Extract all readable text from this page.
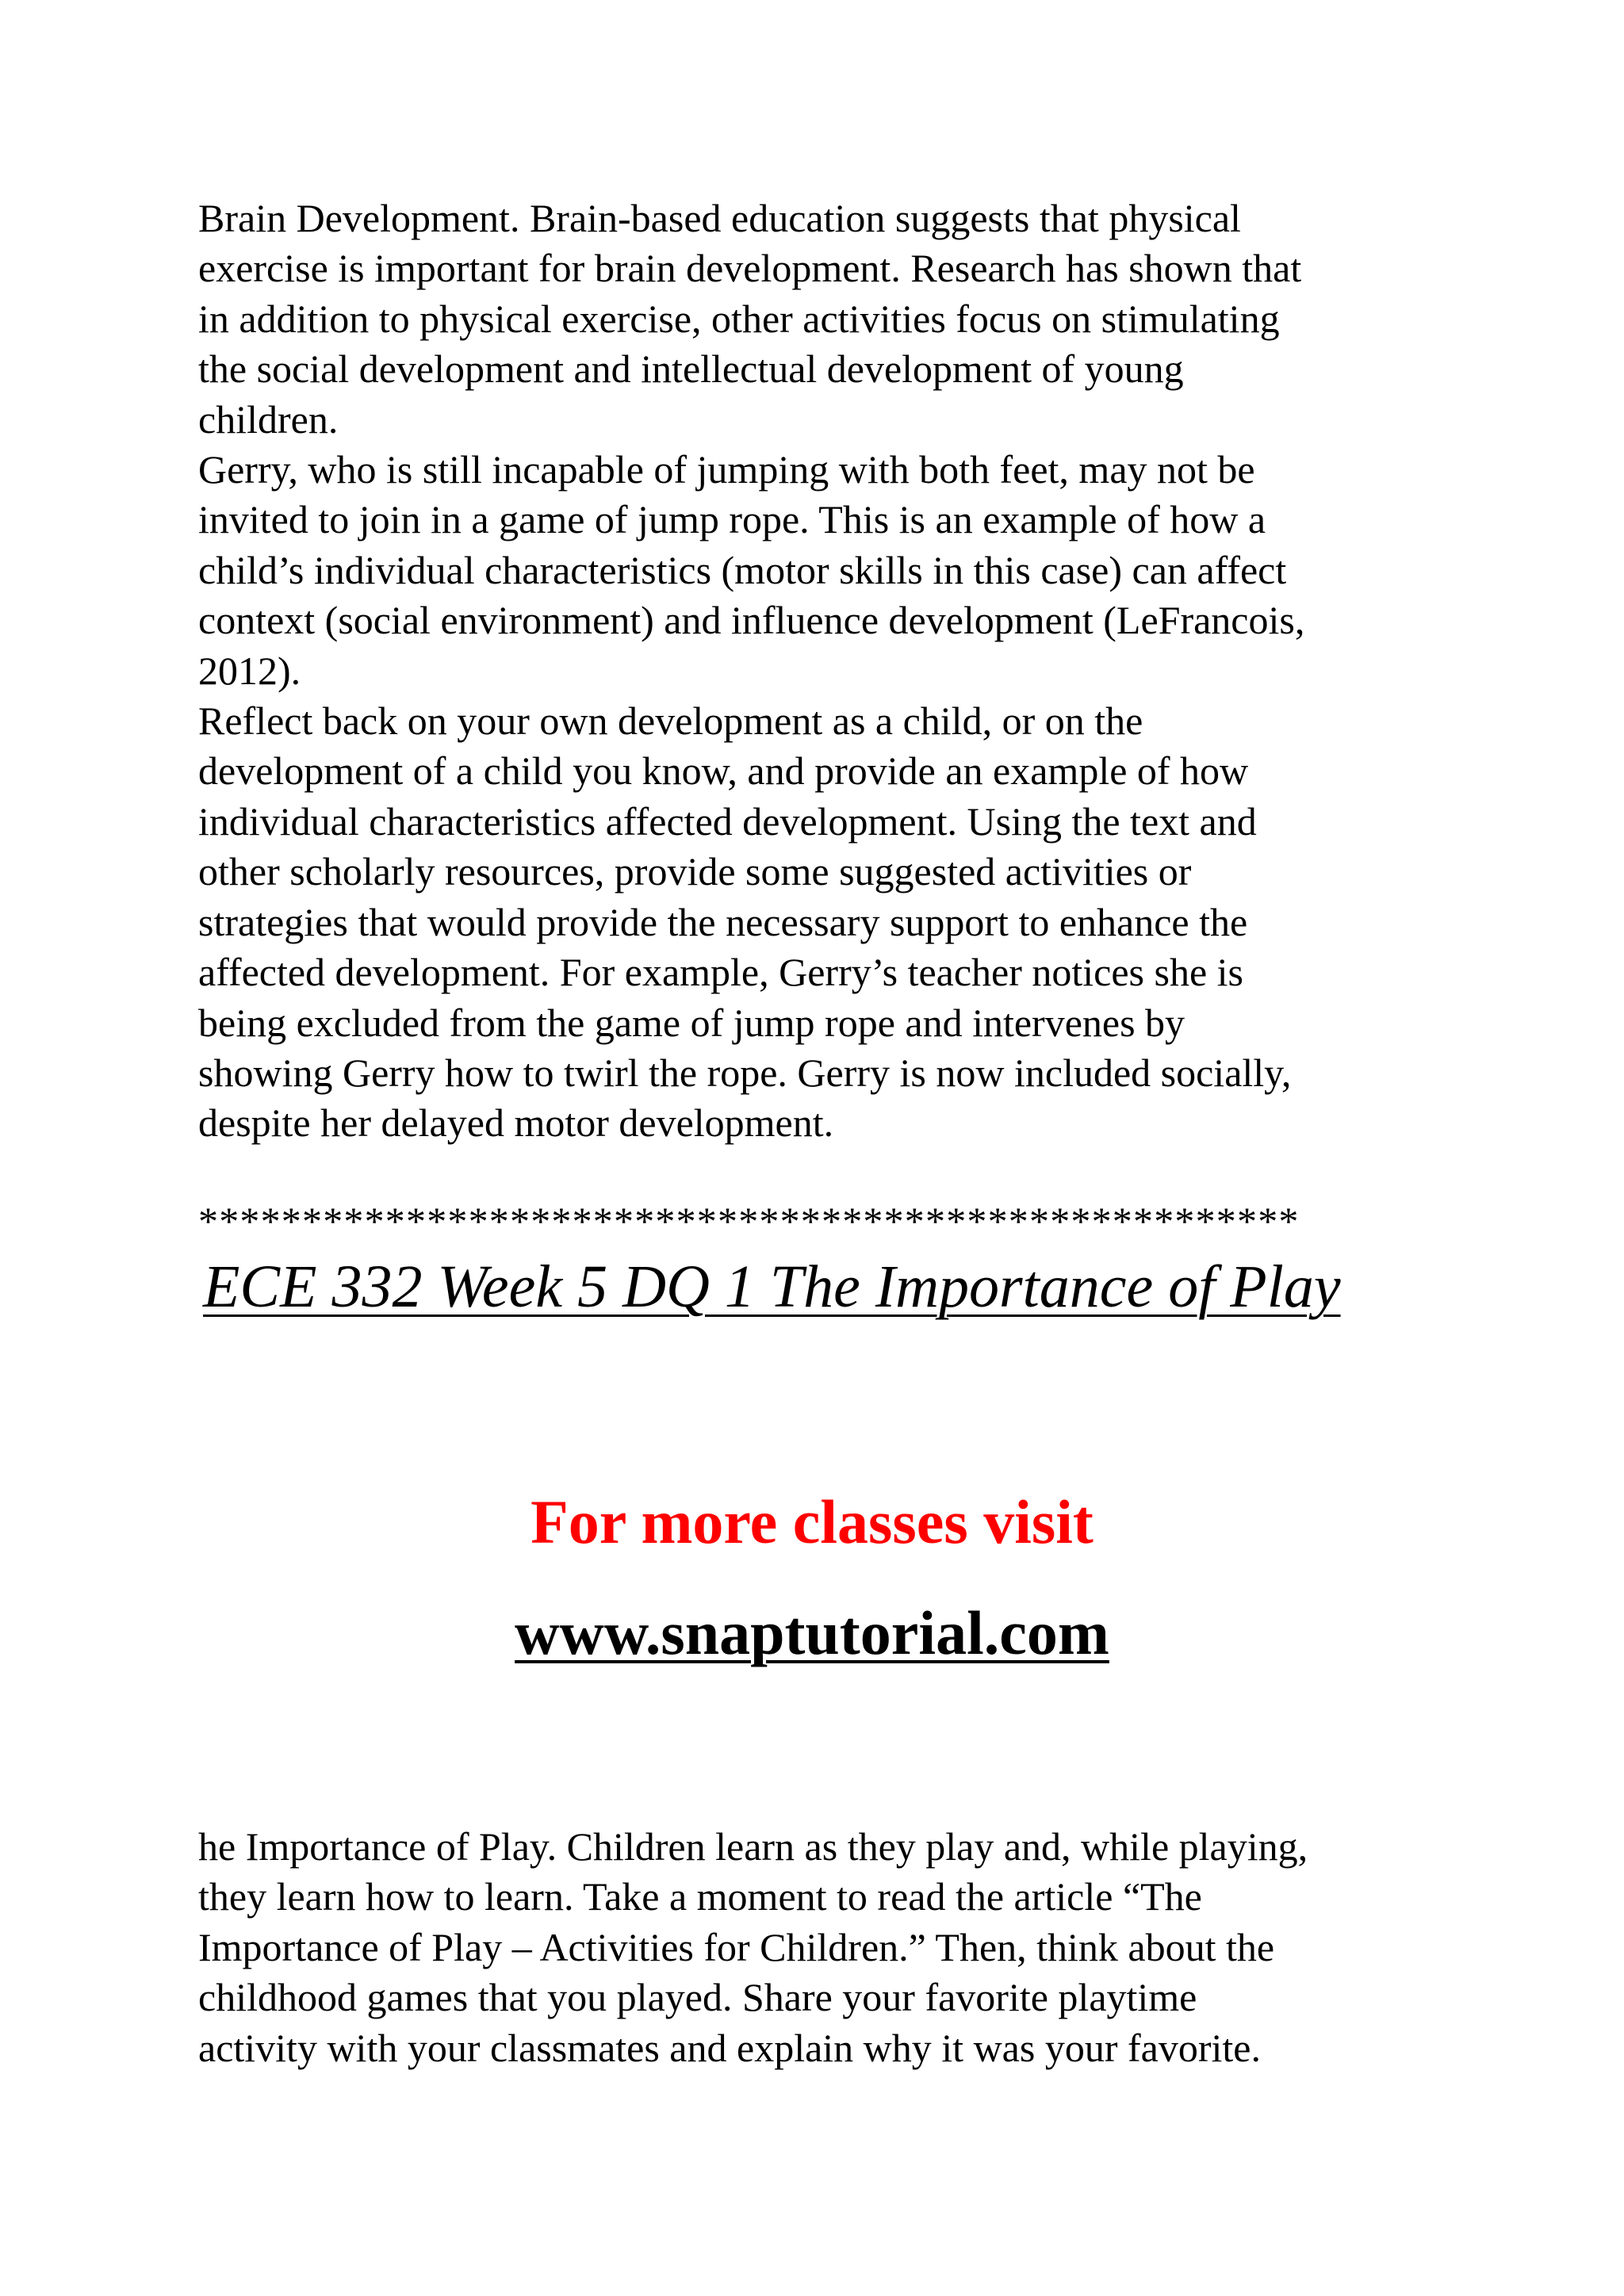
Brain Development. Brain-based education suggests that physical

exercise is important for brain development. Research has shown that

in addition to physical exercise, other activities focus on stimulating

the social development and intellectual development of young

children.

Gerry, who is still incapable of jumping with both feet, may not be

invited to join in a game of jump rope. This is an example of how a

child’s individual characteristics (motor skills in this case) can affect

context (social environment) and influence development (LeFrancois,

2012).

Reflect back on your own development as a child, or on the

development of a child you know, and provide an example of how

individual characteristics affected development. Using the text and

other scholarly resources, provide some suggested activities or

strategies that would provide the necessary support to enhance the

affected development. For example, Gerry’s teacher notices she is

being excluded from the game of jump rope and intervenes by

showing Gerry how to twirl the rope. Gerry is now included socially,

despite her delayed motor development.

*****************************************************
ECE 332 Week 5 DQ 1 The Importance of Play
For more classes visit
www.snaptutorial.com

he Importance of Play. Children learn as they play and, while playing,

they learn how to learn. Take a moment to read the article “The

Importance of Play – Activities for Children.” Then, think about the

childhood games that you played. Share your favorite playtime

activity with your classmates and explain why it was your favorite.
